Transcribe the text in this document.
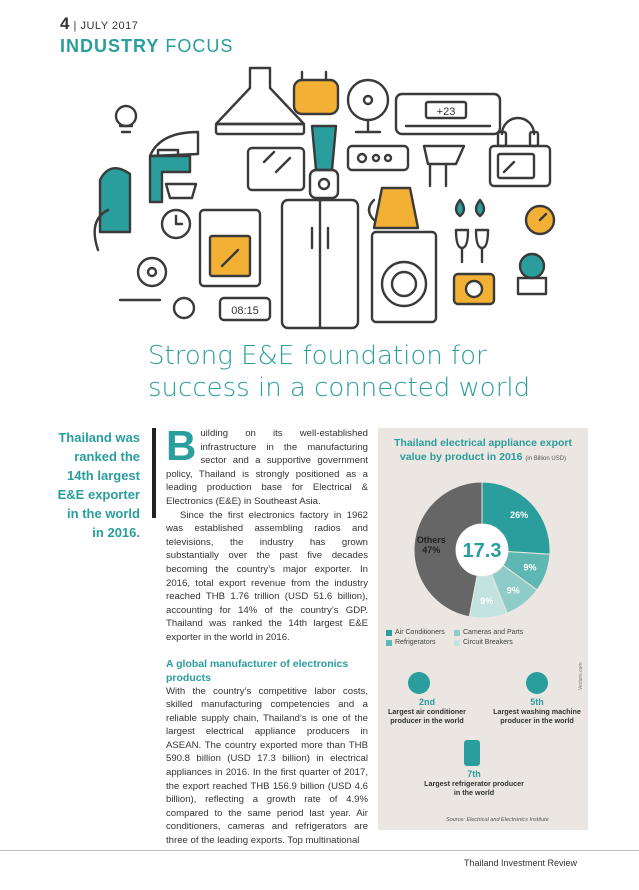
4 | JULY 2017
INDUSTRY FOCUS
+23
08:15
Strong E&E foundation for
success in a connected world
Thailand was
ranked the
14th largest
E&E exporter
in the world
in 2016.

Building on its well-established infrastructure in the manufacturing sector and a supportive government policy, Thailand is strongly positioned as a leading production base for Electrical & Electronics (E&E) in Southeast Asia.

Since the first electronics factory in 1962 was established assembling radios and televisions, the industry has grown substantially over the past five decades becoming the country’s major exporter. In 2016, total export revenue from the industry reached THB 1.76 trillion (USD 51.6 billion), accounting for 14% of the country’s GDP. Thailand was ranked the 14th largest E&E exporter in the world in 2016.

A global manufacturer of electronics products

With the country’s competitive labor costs, skilled manufacturing competencies and a reliable supply chain, Thailand’s is one of the largest electrical appliance producers in ASEAN. The country exported more than THB 590.8 billion (USD 17.3 billion) in electrical appliances in 2016. In the first quarter of 2017, the export reached THB 156.9 billion (USD 4.6 billion), reflecting a growth rate of 4.9% compared to the same period last year. Air conditioners, cameras and refrigerators are three of the leading exports. Top multinational

Thailand electrical appliance export
value by product in 2016 (in Billion USD)
26%
9%
9%
9%
Others 47% 17.3
Air Conditioners	Cameras and Parts
Refrigerators	Circuit Breakers
2nd
Largest air conditioner producer in the world
5th
Largest washing machine producer in the world
7th
Largest refrigerator producer in the world
Vectors.com
Source: Electrical and Electronics Institute
Thailand Investment Review
